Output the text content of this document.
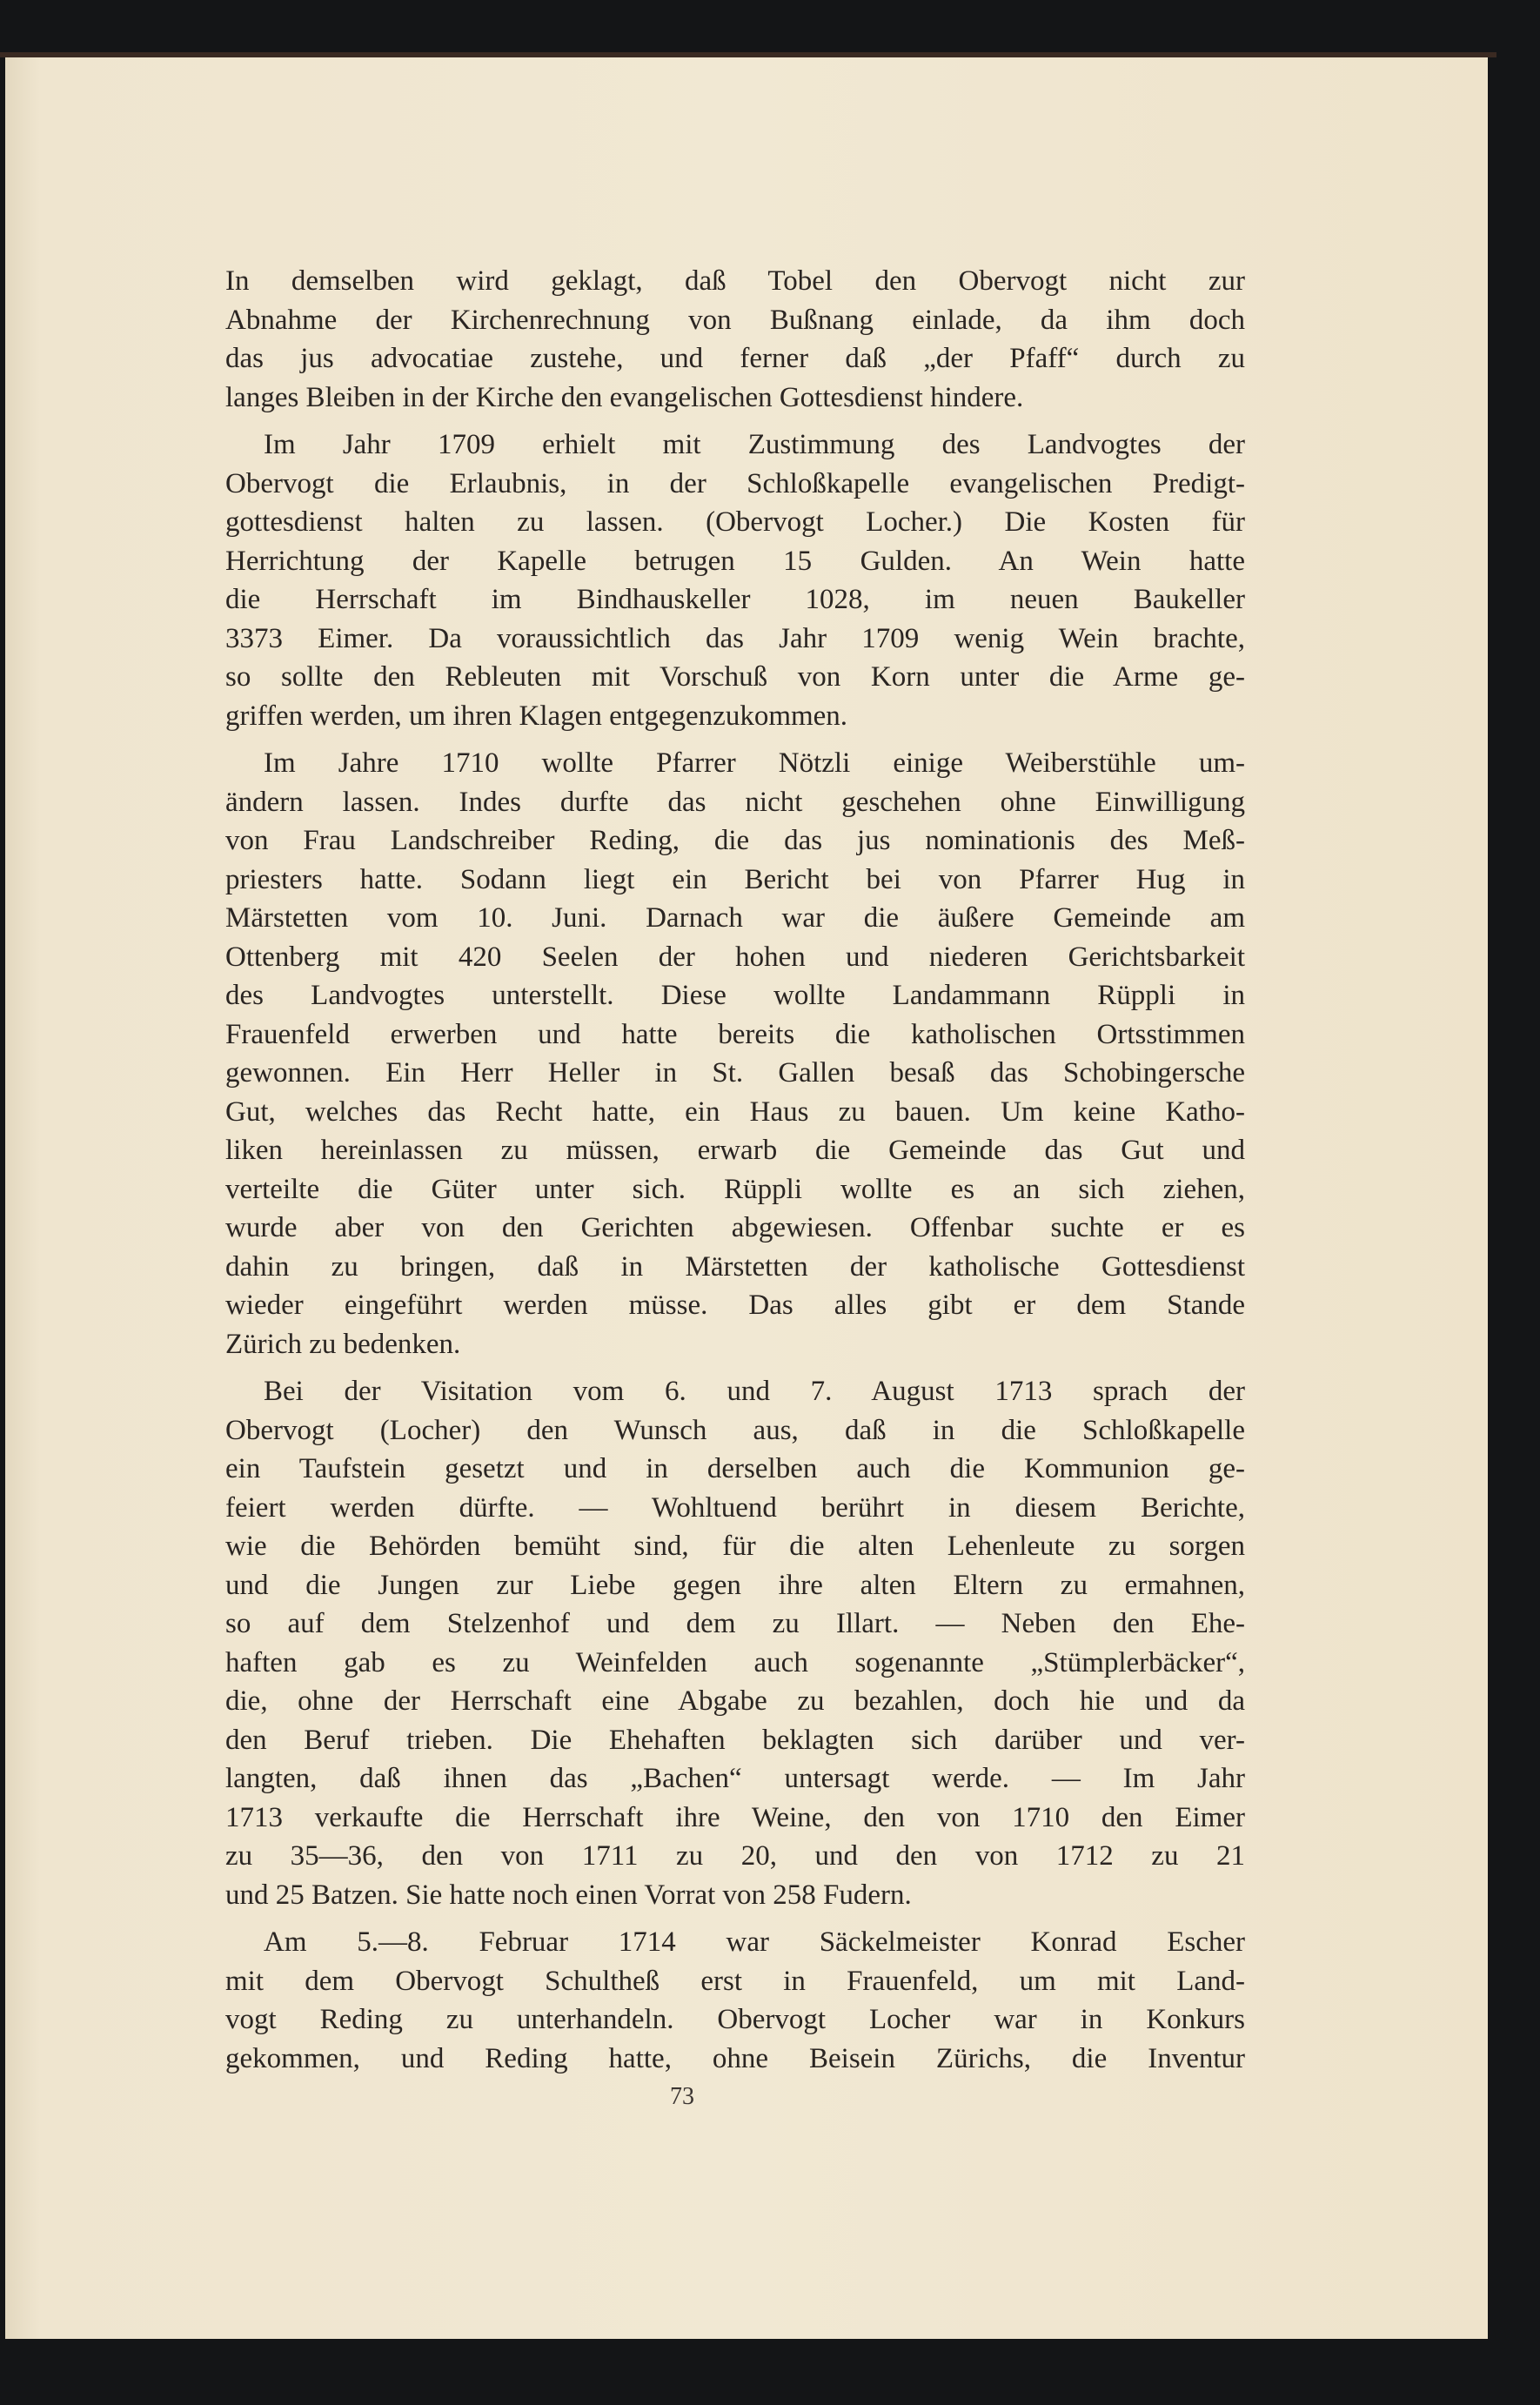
In demselben wird geklagt, daß Tobel den Obervogt nicht zur
Abnahme der Kirchenrechnung von Bußnang einlade, da ihm doch
das jus advocatiae zustehe, und ferner daß „der Pfaff“ durch zu
langes Bleiben in der Kirche den evangelischen Gottesdienst hindere.
Im Jahr 1709 erhielt mit Zustimmung des Landvogtes der
Obervogt die Erlaubnis, in der Schloßkapelle evangelischen Predigt-
gottesdienst halten zu lassen. (Obervogt Locher.) Die Kosten für
Herrichtung der Kapelle betrugen 15 Gulden. An Wein hatte
die Herrschaft im Bindhauskeller 1028, im neuen Baukeller
3373 Eimer. Da voraussichtlich das Jahr 1709 wenig Wein brachte,
so sollte den Rebleuten mit Vorschuß von Korn unter die Arme ge-
griffen werden, um ihren Klagen entgegenzukommen.
Im Jahre 1710 wollte Pfarrer Nötzli einige Weiberstühle um-
ändern lassen. Indes durfte das nicht geschehen ohne Einwilligung
von Frau Landschreiber Reding, die das jus nominationis des Meß-
priesters hatte. Sodann liegt ein Bericht bei von Pfarrer Hug in
Märstetten vom 10. Juni. Darnach war die äußere Gemeinde am
Ottenberg mit 420 Seelen der hohen und niederen Gerichtsbarkeit
des Landvogtes unterstellt. Diese wollte Landammann Rüppli in
Frauenfeld erwerben und hatte bereits die katholischen Ortsstimmen
gewonnen. Ein Herr Heller in St. Gallen besaß das Schobingersche
Gut, welches das Recht hatte, ein Haus zu bauen. Um keine Katho-
liken hereinlassen zu müssen, erwarb die Gemeinde das Gut und
verteilte die Güter unter sich. Rüppli wollte es an sich ziehen,
wurde aber von den Gerichten abgewiesen. Offenbar suchte er es
dahin zu bringen, daß in Märstetten der katholische Gottesdienst
wieder eingeführt werden müsse. Das alles gibt er dem Stande
Zürich zu bedenken.
Bei der Visitation vom 6. und 7. August 1713 sprach der
Obervogt (Locher) den Wunsch aus, daß in die Schloßkapelle
ein Taufstein gesetzt und in derselben auch die Kommunion ge-
feiert werden dürfte. — Wohltuend berührt in diesem Berichte,
wie die Behörden bemüht sind, für die alten Lehenleute zu sorgen
und die Jungen zur Liebe gegen ihre alten Eltern zu ermahnen,
so auf dem Stelzenhof und dem zu Illart. — Neben den Ehe-
haften gab es zu Weinfelden auch sogenannte „Stümplerbäcker“,
die, ohne der Herrschaft eine Abgabe zu bezahlen, doch hie und da
den Beruf trieben. Die Ehehaften beklagten sich darüber und ver-
langten, daß ihnen das „Bachen“ untersagt werde. — Im Jahr
1713 verkaufte die Herrschaft ihre Weine, den von 1710 den Eimer
zu 35—36, den von 1711 zu 20, und den von 1712 zu 21
und 25 Batzen. Sie hatte noch einen Vorrat von 258 Fudern.
Am 5.—8. Februar 1714 war Säckelmeister Konrad Escher
mit dem Obervogt Schultheß erst in Frauenfeld, um mit Land-
vogt Reding zu unterhandeln. Obervogt Locher war in Konkurs
gekommen, und Reding hatte, ohne Beisein Zürichs, die Inventur
73
